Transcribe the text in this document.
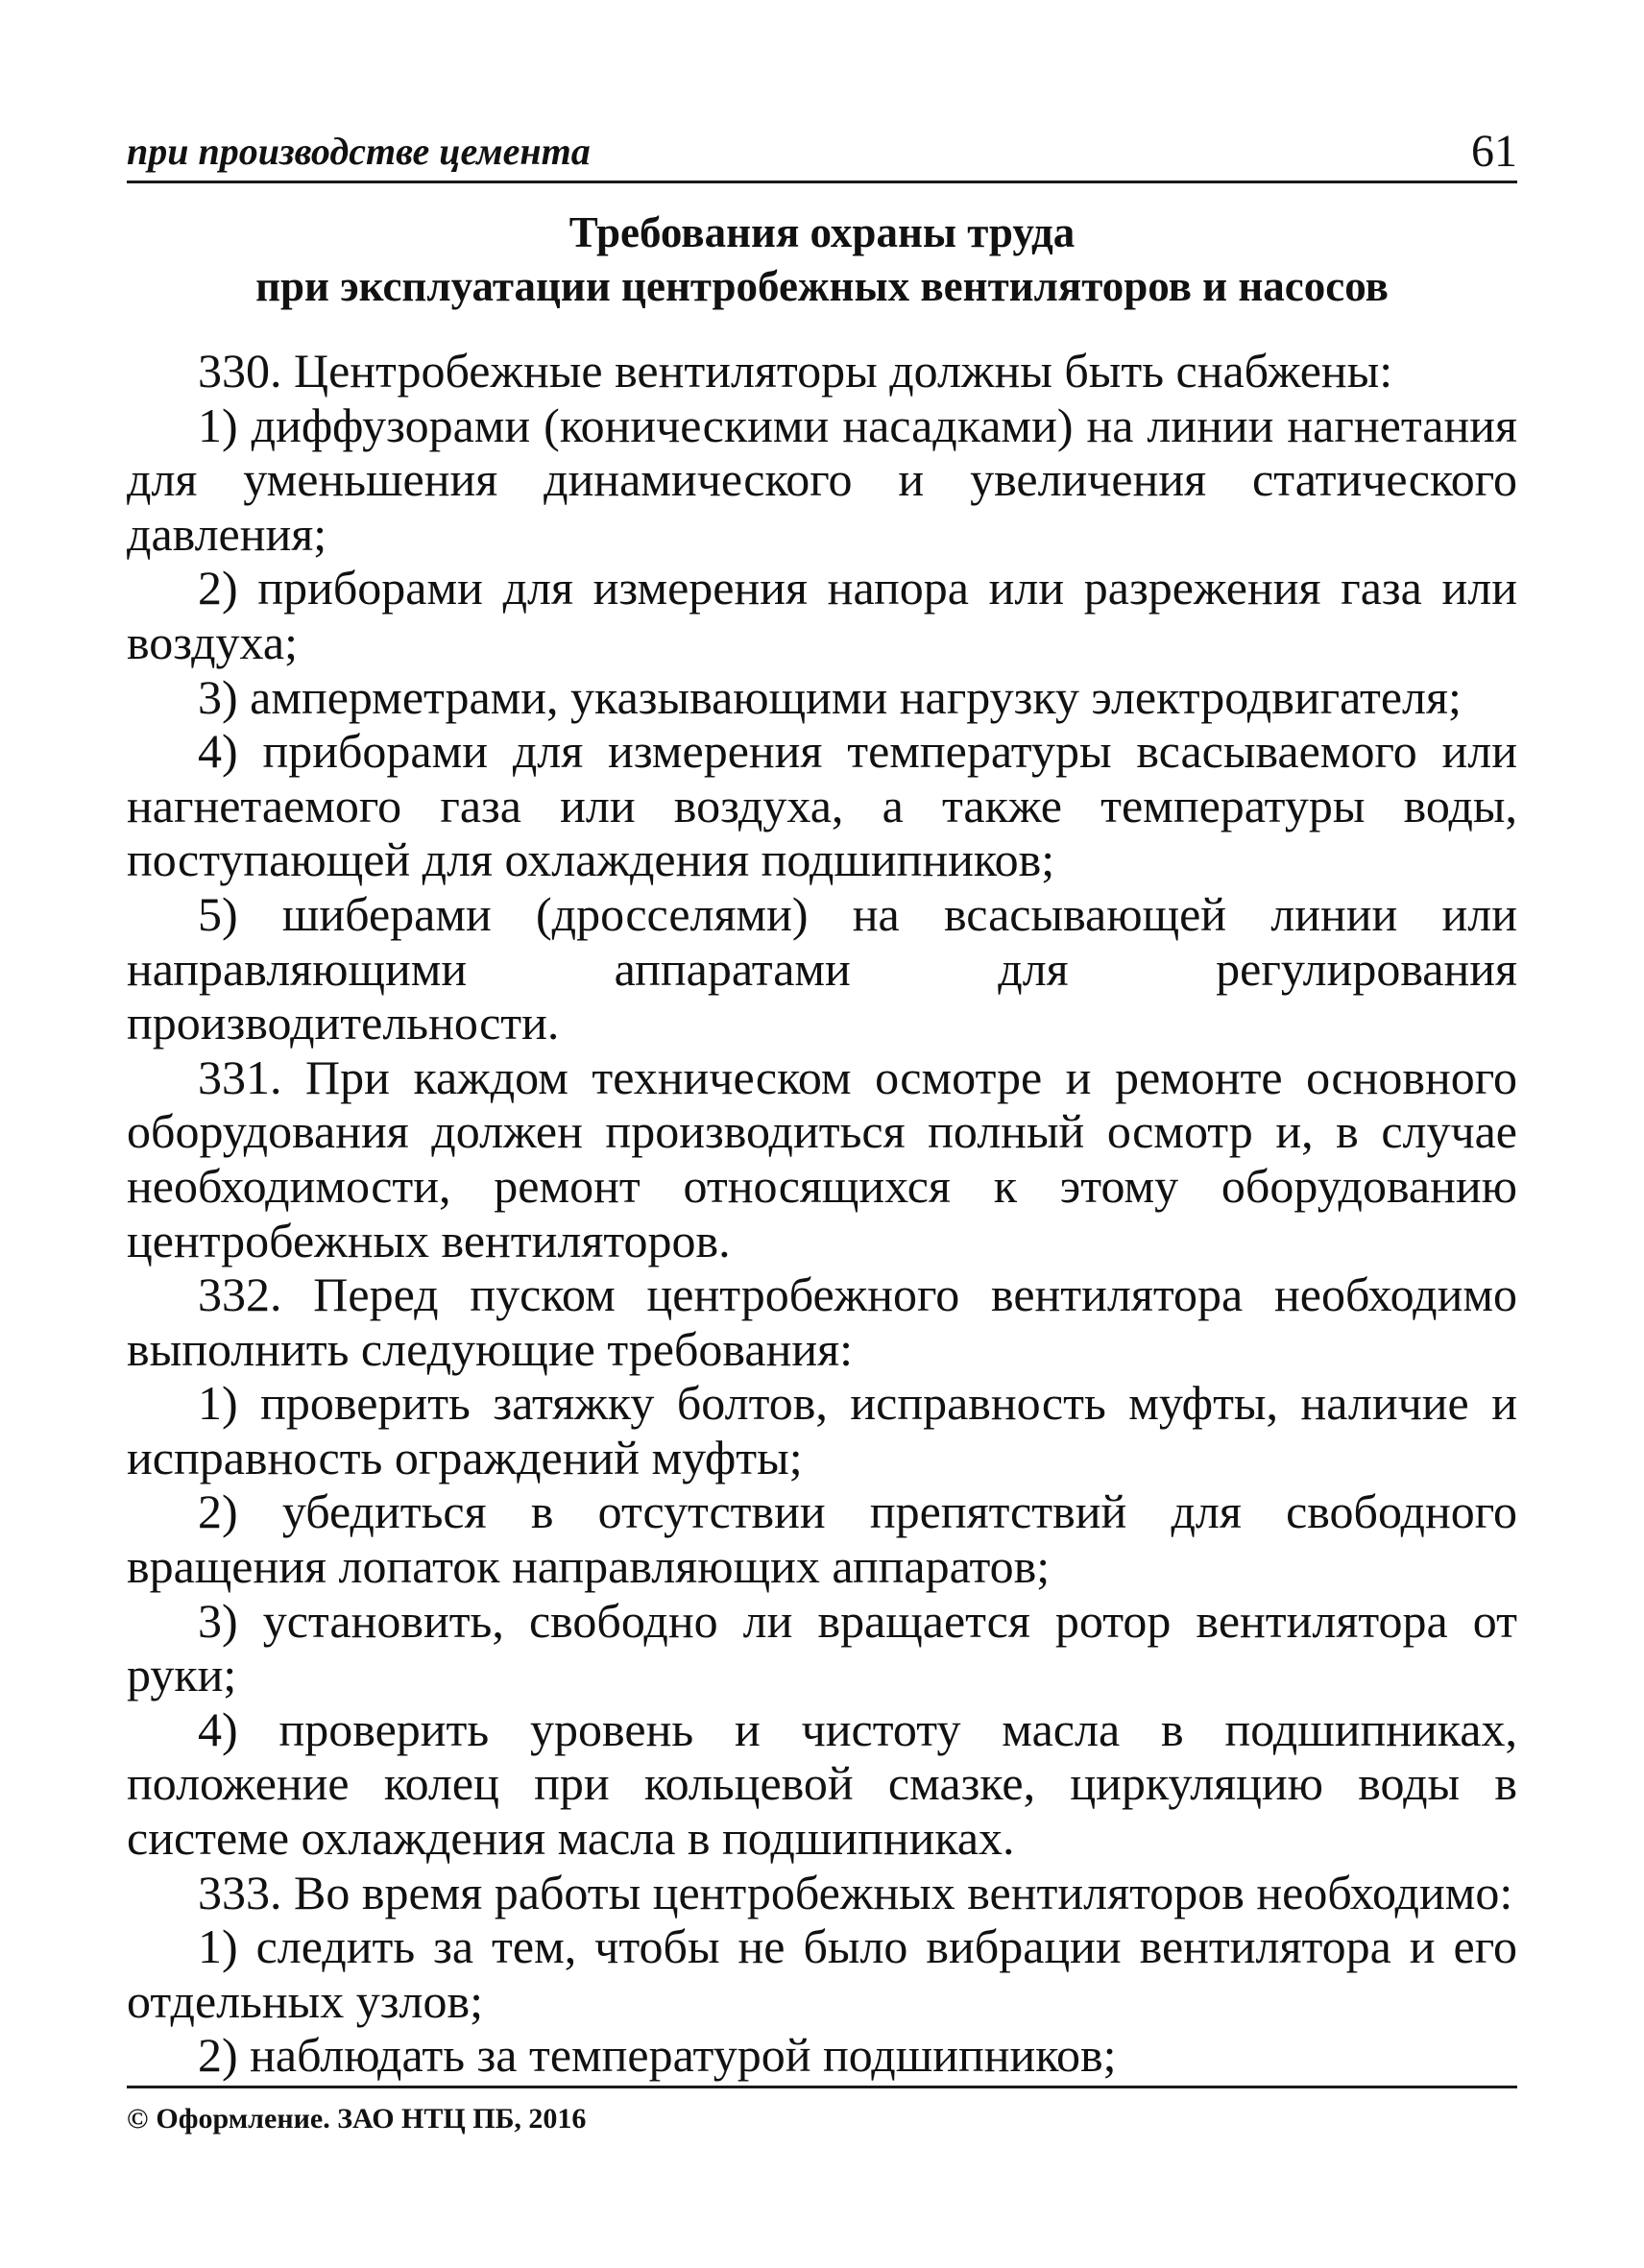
при производстве цемента	61
Требования охраны труда
при эксплуатации центробежных вентиляторов и насосов

330. Центробежные вентиляторы должны быть снабжены:

1) диффузорами (коническими насадками) на линии нагнетания для уменьшения динамического и увеличения статического давления;

2) приборами для измерения напора или разрежения газа или воздуха;

3) амперметрами, указывающими нагрузку электродвигателя;

4) приборами для измерения температуры всасываемого или нагнетаемого газа или воздуха, а также температуры воды, поступающей для охлаждения подшипников;

5) шиберами (дросселями) на всасывающей линии или направляющими аппаратами для регулирования производительности.

331. При каждом техническом осмотре и ремонте основного оборудования должен производиться полный осмотр и, в случае необходимости, ремонт относящихся к этому оборудованию центробежных вентиляторов.

332. Перед пуском центробежного вентилятора необходимо выполнить следующие требования:

1) проверить затяжку болтов, исправность муфты, наличие и исправность ограждений муфты;

2) убедиться в отсутствии препятствий для свободного вращения лопаток направляющих аппаратов;

3) установить, свободно ли вращается ротор вентилятора от руки;

4) проверить уровень и чистоту масла в подшипниках, положение колец при кольцевой смазке, циркуляцию воды в системе охлаждения масла в подшипниках.

333. Во время работы центробежных вентиляторов необходимо:

1) следить за тем, чтобы не было вибрации вентилятора и его отдельных узлов;

2) наблюдать за температурой подшипников;

© Оформление. ЗАО НТЦ ПБ, 2016
